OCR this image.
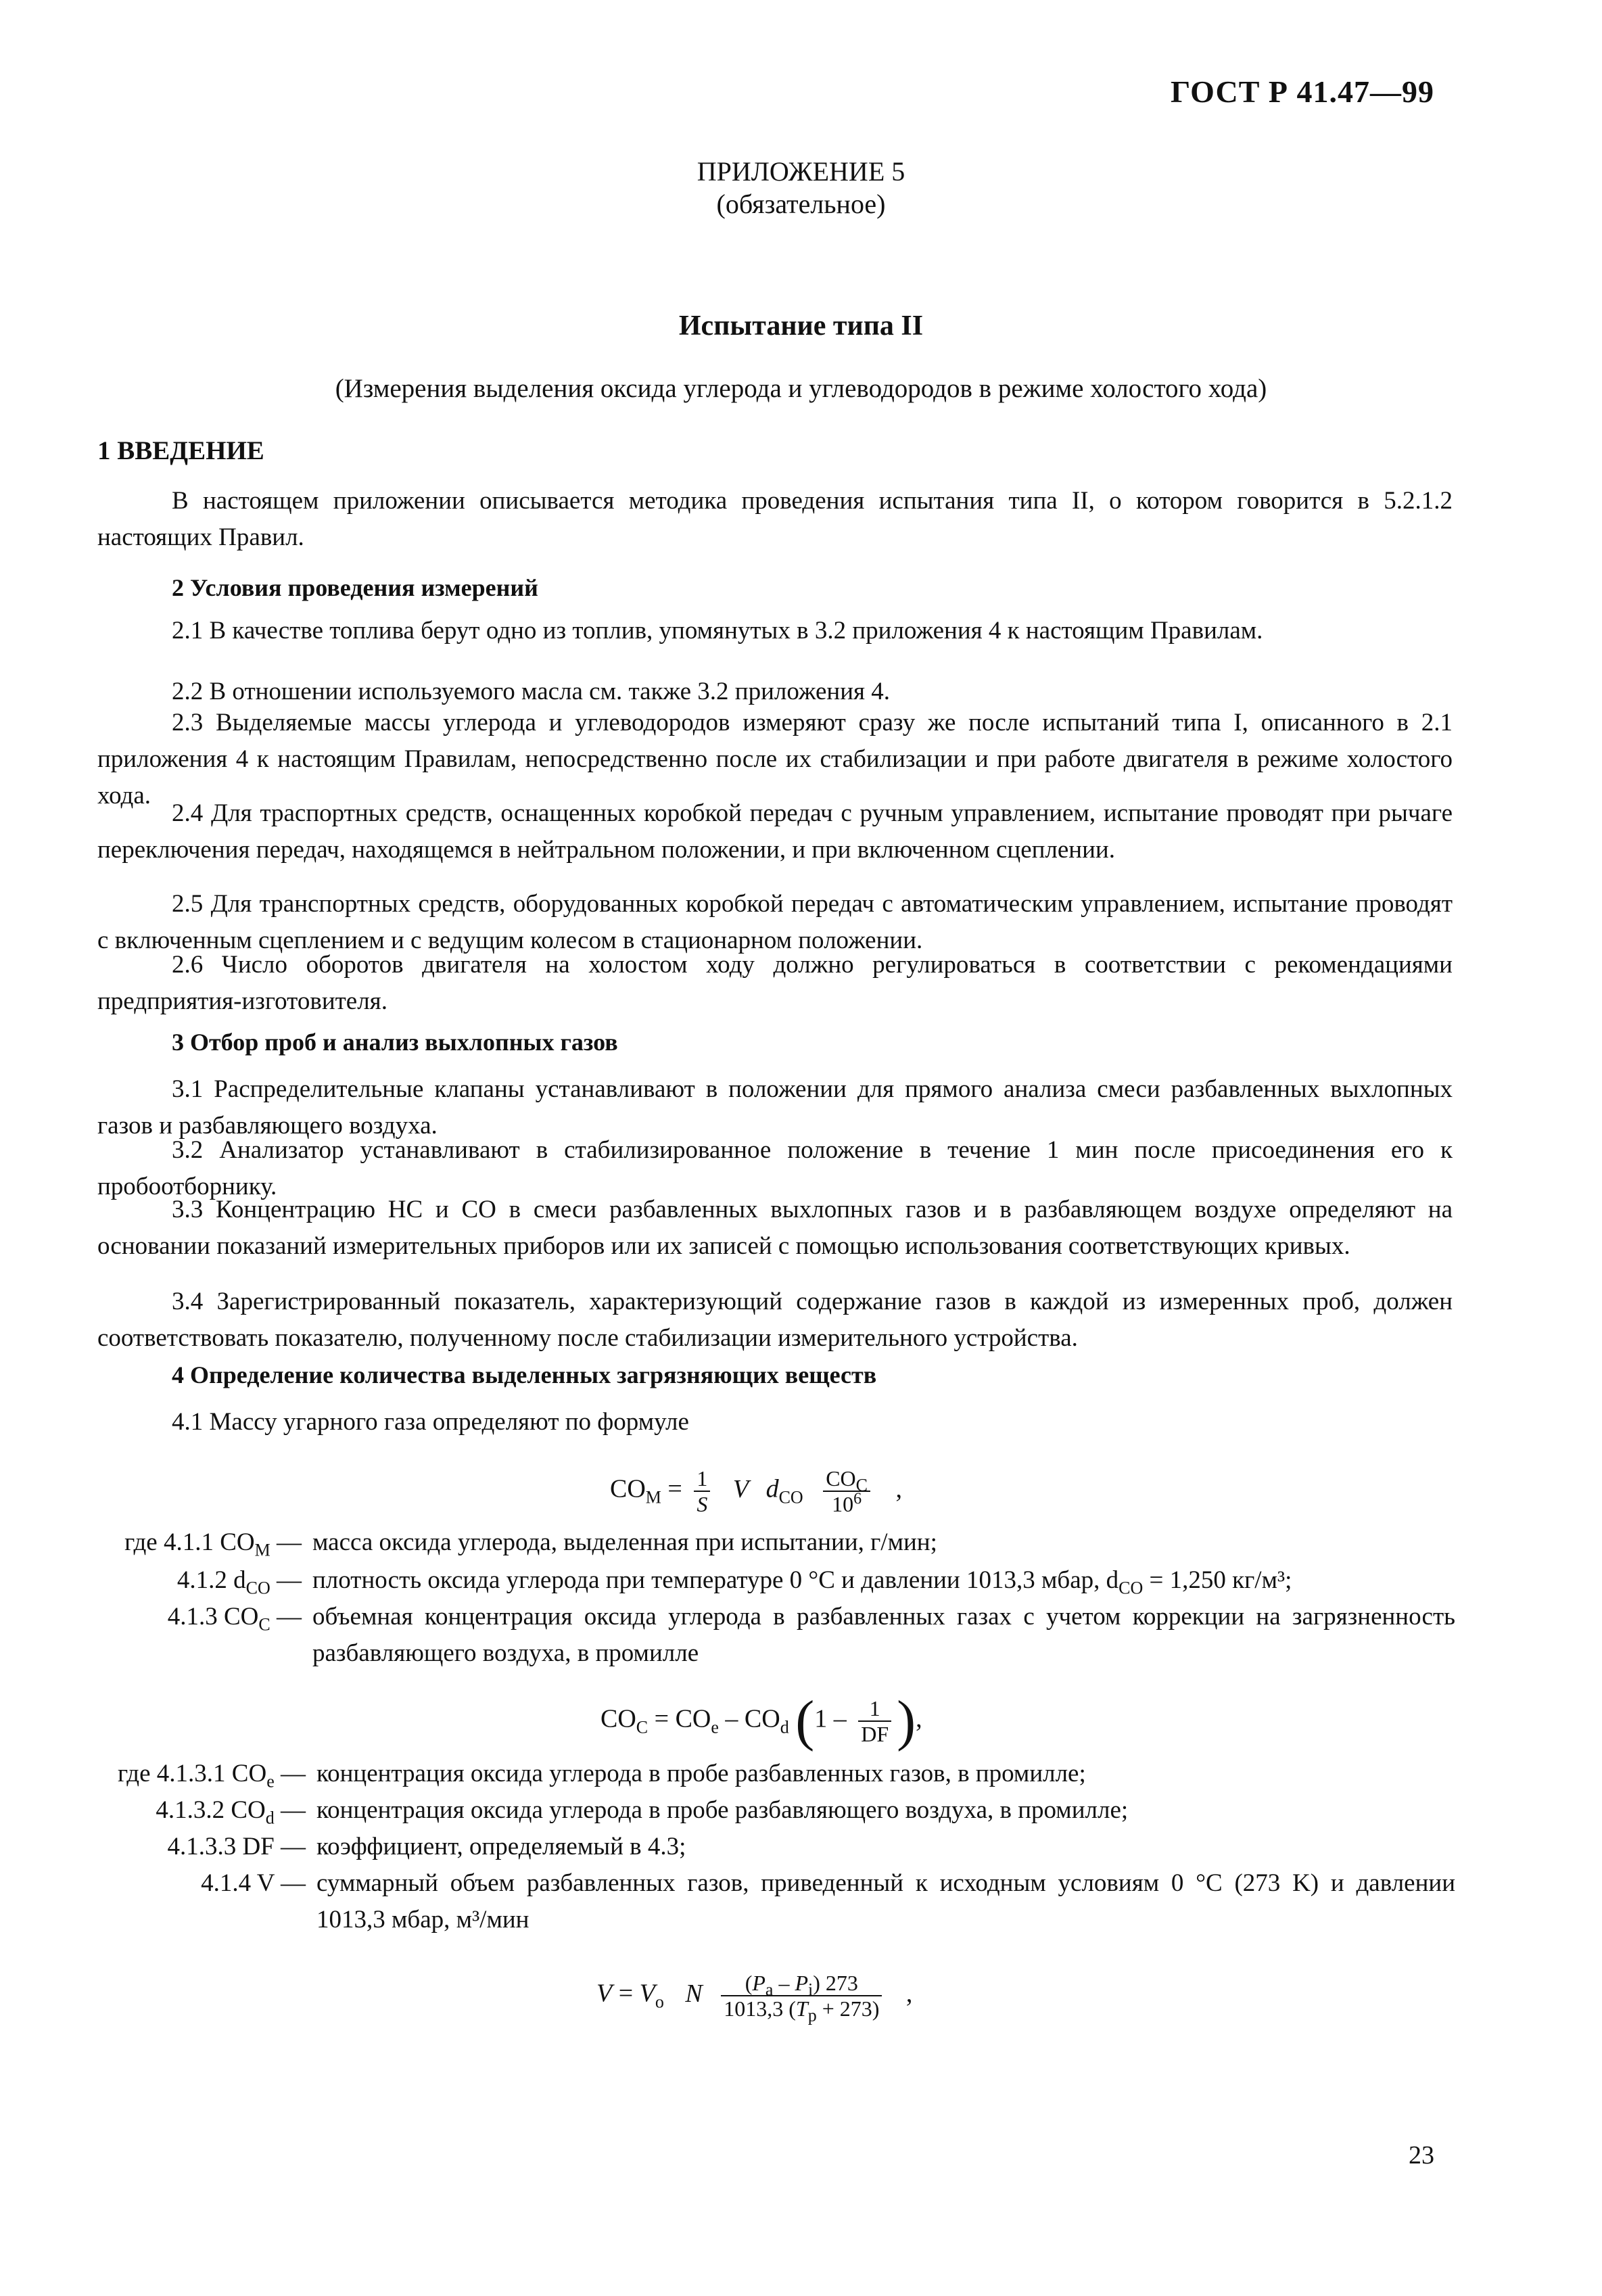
ГОСТ Р 41.47—99
ПРИЛОЖЕНИЕ 5
(обязательное)
Испытание типа II
(Измерения выделения оксида углерода и углеводородов в режиме холостого хода)
1 ВВЕДЕНИЕ
В настоящем приложении описывается методика проведения испытания типа II, о котором говорится в 5.2.1.2 настоящих Правил.
2 Условия проведения измерений
2.1 В качестве топлива берут одно из топлив, упомянутых в 3.2 приложения 4 к настоящим Правилам.
2.2 В отношении используемого масла см. также 3.2 приложения 4.
2.3 Выделяемые массы углерода и углеводородов измеряют сразу же после испытаний типа I, описанного в 2.1 приложения 4 к настоящим Правилам, непосредственно после их стабилизации и при работе двигателя в режиме холостого хода.
2.4 Для траспортных средств, оснащенных коробкой передач с ручным управлением, испытание проводят при рычаге переключения передач, находящемся в нейтральном положении, и при включенном сцеплении.
2.5 Для транспортных средств, оборудованных коробкой передач с автоматическим управлением, испытание проводят с включенным сцеплением и с ведущим колесом в стационарном положении.
2.6 Число оборотов двигателя на холостом ходу должно регулироваться в соответствии с рекомендациями предприятия-изготовителя.
3 Отбор проб и анализ выхлопных газов
3.1 Распределительные клапаны устанавливают в положении для прямого анализа смеси разбавленных выхлопных газов и разбавляющего воздуха.
3.2 Анализатор устанавливают в стабилизированное положение в течение 1 мин после присоединения его к пробоотборнику.
3.3 Концентрацию НС и СО в смеси разбавленных выхлопных газов и в разбавляющем воздухе определяют на основании показаний измерительных приборов или их записей с помощью использования соответствующих кривых.
3.4 Зарегистрированный показатель, характеризующий содержание газов в каждой из измеренных проб, должен соответствовать показателю, полученному после стабилизации измерительного устройства.
4 Определение количества выделенных загрязняющих веществ
4.1 Массу угарного газа определяют по формуле
$CO_M = \frac{1}{S}$ V $d_{CO} \frac{CO_C}{10^6}$ ,
где 4.1.1 $СО_М$ — масса оксида углерода, выделенная при испытании, г/мин;
4.1.2 $d_{CO}$ — плотность оксида углерода при температуре 0 °С и давлении 1013,3 мбар, $d_{CO} = 1,250$ кг/м³;
4.1.3 $СО_С$ — объемная концентрация оксида углерода в разбавленных газах с учетом коррекции на загрязненность разбавляющего воздуха, в промилле
$CO_C = CO_e - CO_d$ ($1 - \frac{1}{DF}$ ),
где 4.1.3.1 $СО_e$ — концентрация оксида углерода в пробе разбавленных газов, в промилле;
4.1.3.2 $СО_d$ — концентрация оксида углерода в пробе разбавляющего воздуха, в промилле;
4.1.3.3 DF — коэффициент, определяемый в 4.3;
4.1.4 V — суммарный объем разбавленных газов, приведенный к исходным условиям 0 °С (273 K) и давлении 1013,3 мбар, м³/мин
$V = V_o$ N $\frac{(P_a - P_i) 273}{1013,3 (T_p + 273)}$ ,
23
